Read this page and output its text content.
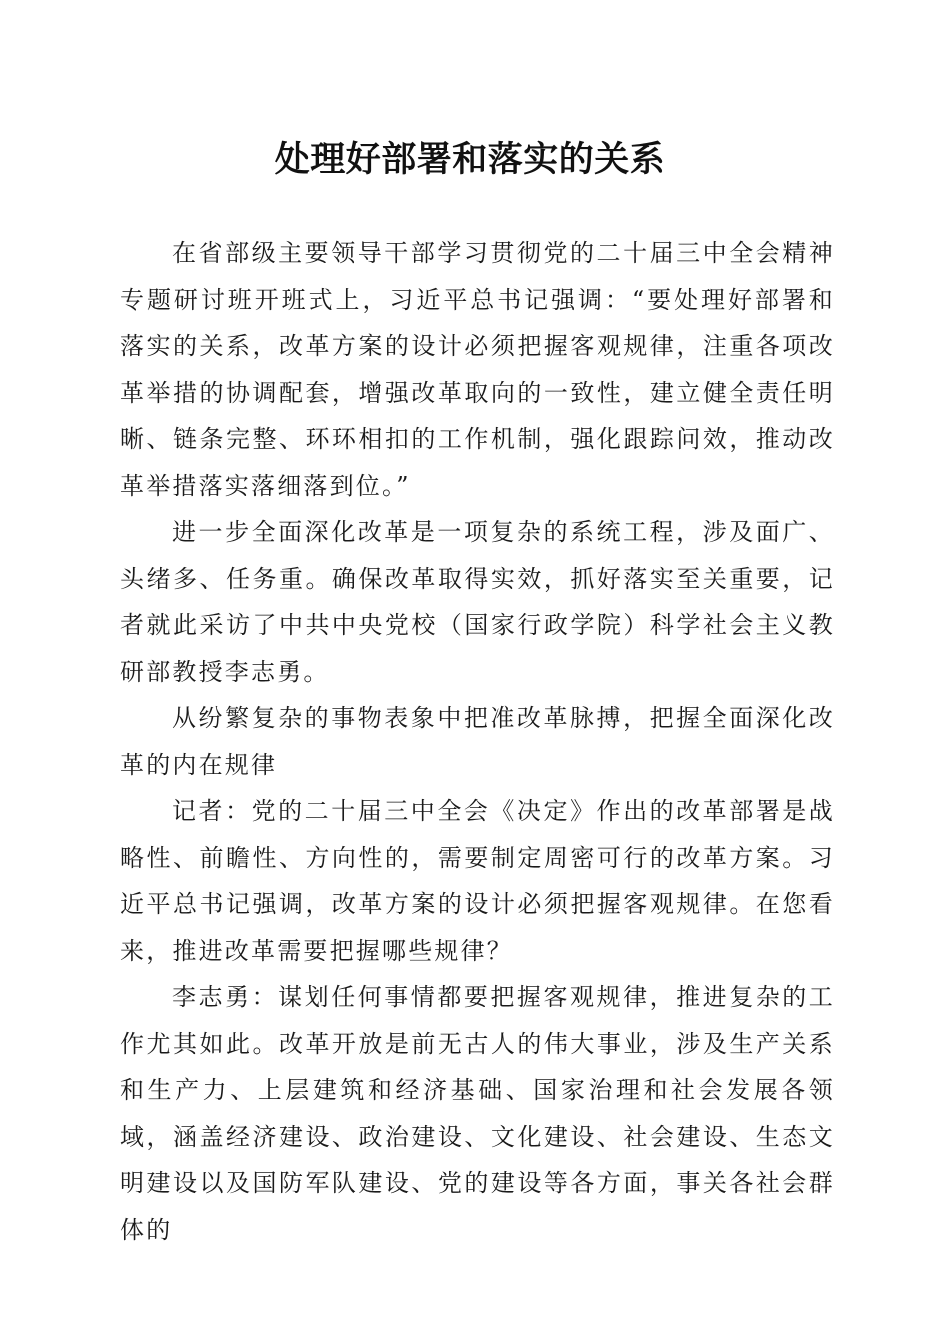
处理好部署和落实的关系

在省部级主要领导干部学习贯彻党的二十届三中全会精神专题研讨班开班式上，习近平总书记强调：“要处理好部署和落实的关系，改革方案的设计必须把握客观规律，注重各项改革举措的协调配套，增强改革取向的一致性，建立健全责任明晰、链条完整、环环相扣的工作机制，强化跟踪问效，推动改革举措落实落细落到位。”

进一步全面深化改革是一项复杂的系统工程，涉及面广、头绪多、任务重。确保改革取得实效，抓好落实至关重要，记者就此采访了中共中央党校（国家行政学院）科学社会主义教研部教授李志勇。

从纷繁复杂的事物表象中把准改革脉搏，把握全面深化改革的内在规律

记者：党的二十届三中全会《决定》作出的改革部署是战略性、前瞻性、方向性的，需要制定周密可行的改革方案。习近平总书记强调，改革方案的设计必须把握客观规律。在您看来，推进改革需要把握哪些规律？

李志勇：谋划任何事情都要把握客观规律，推进复杂的工作尤其如此。改革开放是前无古人的伟大事业，涉及生产关系和生产力、上层建筑和经济基础、国家治理和社会发展各领域，涵盖经济建设、政治建设、文化建设、社会建设、生态文明建设以及国防军队建设、党的建设等各方面，事关各社会群体的
